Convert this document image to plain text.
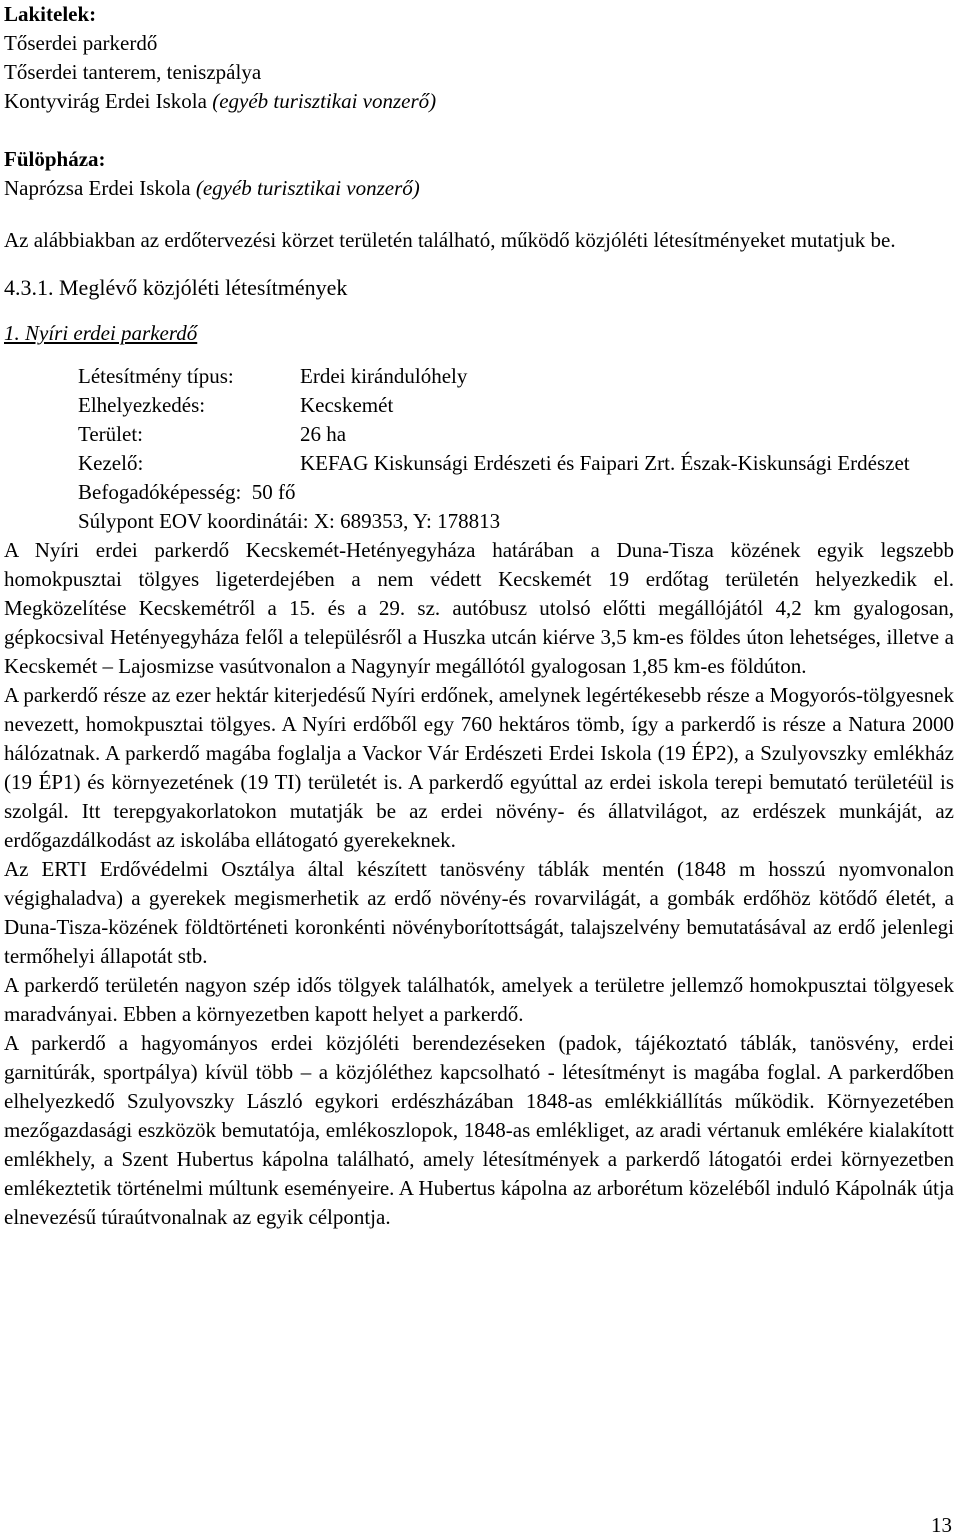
Lakitelek:
Tőserdei parkerdő
Tőserdei tanterem, teniszpálya
Kontyvirág Erdei Iskola (egyéb turisztikai vonzerő)
Fülöpháza:
Naprózsa Erdei Iskola (egyéb turisztikai vonzerő)
Az alábbiakban az erdőtervezési körzet területén található, működő közjóléti létesítményeket mutatjuk be.
4.3.1. Meglévő közjóléti létesítmények
1. Nyíri erdei parkerdő
Létesítmény típus:	Erdei kirándulóhely
Elhelyezkedés:	Kecskemét
Terület:	26 ha
Kezelő:	KEFAG Kiskunsági Erdészeti és Faipari Zrt. Észak-Kiskunsági Erdészet
Befogadóképesség: 50 fő
Súlypont EOV koordinátái: X: 689353, Y: 178813
A Nyíri erdei parkerdő Kecskemét-Hetényegyháza határában a Duna-Tisza közének egyik legszebb homokpusztai tölgyes ligeterdejében a nem védett Kecskemét 19 erdőtag területén helyezkedik el. Megközelítése Kecskemétről a 15. és a 29. sz. autóbusz utolsó előtti megállójától 4,2 km gyalogosan, gépkocsival Hetényegyháza felől a településről a Huszka utcán kiérve 3,5 km-es földes úton lehetséges, illetve a Kecskemét – Lajosmizse vasútvonalon a Nagynyír megállótól gyalogosan 1,85 km-es földúton.
A parkerdő része az ezer hektár kiterjedésű Nyíri erdőnek, amelynek legértékesebb része a Mogyorós-tölgyesnek nevezett, homokpusztai tölgyes. A Nyíri erdőből egy 760 hektáros tömb, így a parkerdő is része a Natura 2000 hálózatnak. A parkerdő magába foglalja a Vackor Vár Erdészeti Erdei Iskola (19 ÉP2), a Szulyovszky emlékház (19 ÉP1) és környezetének (19 TI) területét is. A parkerdő egyúttal az erdei iskola terepi bemutató területéül is szolgál. Itt terepgyakorlatokon mutatják be az erdei növény- és állatvilágot, az erdészek munkáját, az erdőgazdálkodást az iskolába ellátogató gyerekeknek.
Az ERTI Erdővédelmi Osztálya által készített tanösvény táblák mentén (1848 m hosszú nyomvonalon végighaladva) a gyerekek megismerhetik az erdő növény-és rovarvilágát, a gombák erdőhöz kötődő életét, a Duna-Tisza-közének földtörténeti koronkénti növényborítottságát, talajszelvény bemutatásával az erdő jelenlegi termőhelyi állapotát stb.
A parkerdő területén nagyon szép idős tölgyek találhatók, amelyek a területre jellemző homokpusztai tölgyesek maradványai. Ebben a környezetben kapott helyet a parkerdő.
A parkerdő a hagyományos erdei közjóléti berendezéseken (padok, tájékoztató táblák, tanösvény, erdei garnitúrák, sportpálya) kívül több – a közjóléthez kapcsolható - létesítményt is magába foglal. A parkerdőben elhelyezkedő Szulyovszky László egykori erdészházában 1848-as emlékkiállítás működik. Környezetében mezőgazdasági eszközök bemutatója, emlékoszlopok, 1848-as emlékliget, az aradi vértanuk emlékére kialakított emlékhely, a Szent Hubertus kápolna található, amely létesítmények a parkerdő látogatói erdei környezetben emlékeztetik történelmi múltunk eseményeire. A Hubertus kápolna az arborétum közeléből induló Kápolnák útja elnevezésű túraútvonalnak az egyik célpontja.
13
